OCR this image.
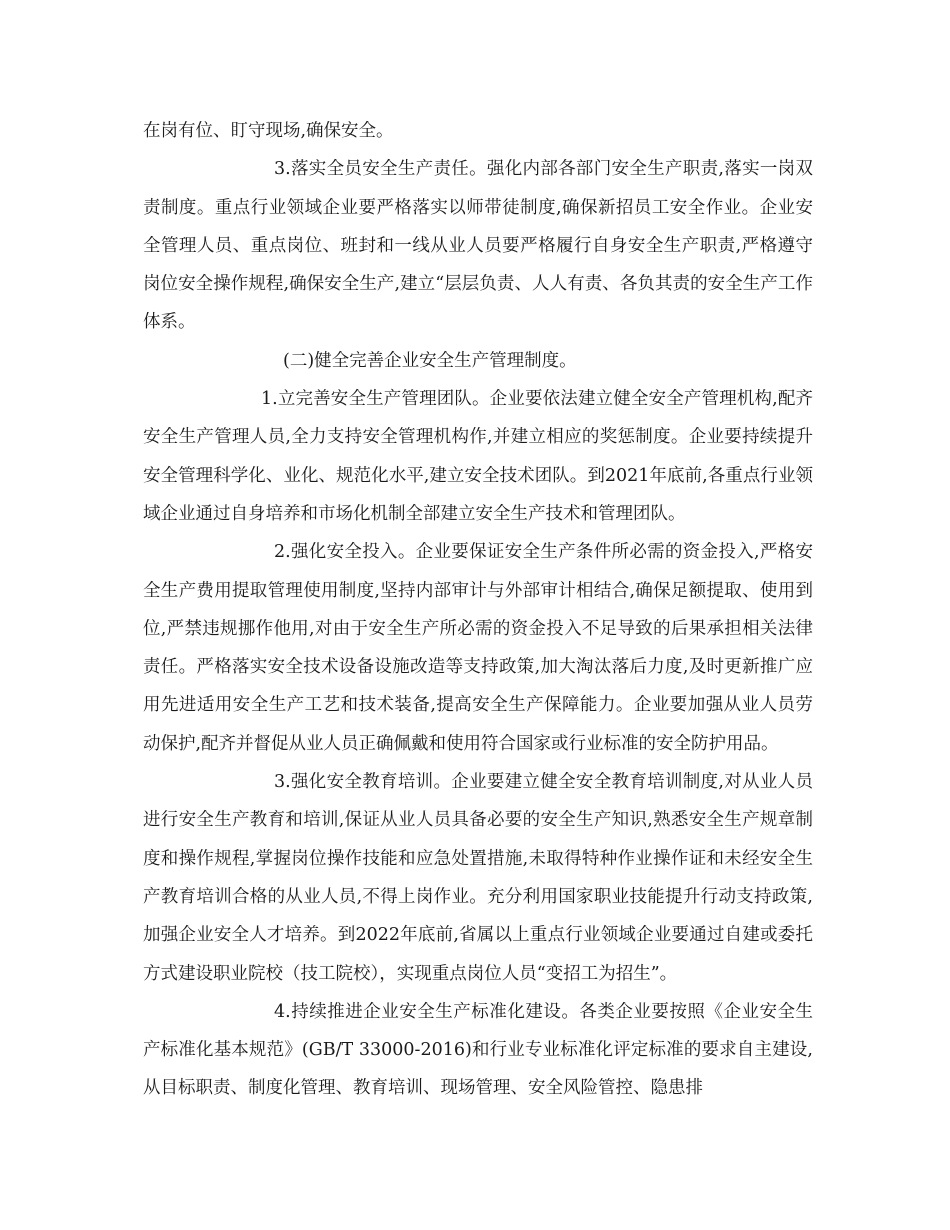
在岗有位、盯守现场,确保安全。

3.落实全员安全生产责任。强化内部各部门安全生产职责,落实一岗双责制度。重点行业领域企业要严格落实以师带徒制度,确保新招员工安全作业。企业安全管理人员、重点岗位、班封和一线从业人员要严格履行自身安全生产职责,严格遵守岗位安全操作规程,确保安全生产,建立“层层负责、人人有责、各负其责的安全生产工作体系。

(二)健全完善企业安全生产管理制度。

1.立完善安全生产管理团队。企业要依法建立健全安全产管理机构,配齐安全生产管理人员,全力支持安全管理机构作,并建立相应的奖惩制度。企业要持续提升安全管理科学化、业化、规范化水平,建立安全技术团队。到2021年底前,各重点行业领域企业通过自身培养和市场化机制全部建立安全生产技术和管理团队。

2.强化安全投入。企业要保证安全生产条件所必需的资金投入,严格安全生产费用提取管理使用制度,坚持内部审计与外部审计相结合,确保足额提取、使用到位,严禁违规挪作他用,对由于安全生产所必需的资金投入不足导致的后果承担相关法律责任。严格落实安全技术设备设施改造等支持政策,加大淘汰落后力度,及时更新推广应用先进适用安全生产工艺和技术装备,提高安全生产保障能力。企业要加强从业人员劳动保护,配齐并督促从业人员正确佩戴和使用符合国家或行业标准的安全防护用品。

3.强化安全教育培训。企业要建立健全安全教育培训制度,对从业人员进行安全生产教育和培训,保证从业人员具备必要的安全生产知识,熟悉安全生产规章制度和操作规程,掌握岗位操作技能和应急处置措施,未取得特种作业操作证和未经安全生产教育培训合格的从业人员,不得上岗作业。充分利用国家职业技能提升行动支持政策,加强企业安全人才培养。到2022年底前,省属以上重点行业领域企业要通过自建或委托方式建设职业院校（技工院校），实现重点岗位人员“变招工为招生”。

4.持续推进企业安全生产标准化建设。各类企业要按照《企业安全生产标准化基本规范》(GB/T 33000-2016)和行业专业标准化评定标准的要求自主建设,从目标职责、制度化管理、教育培训、现场管理、安全风险管控、隐患排
